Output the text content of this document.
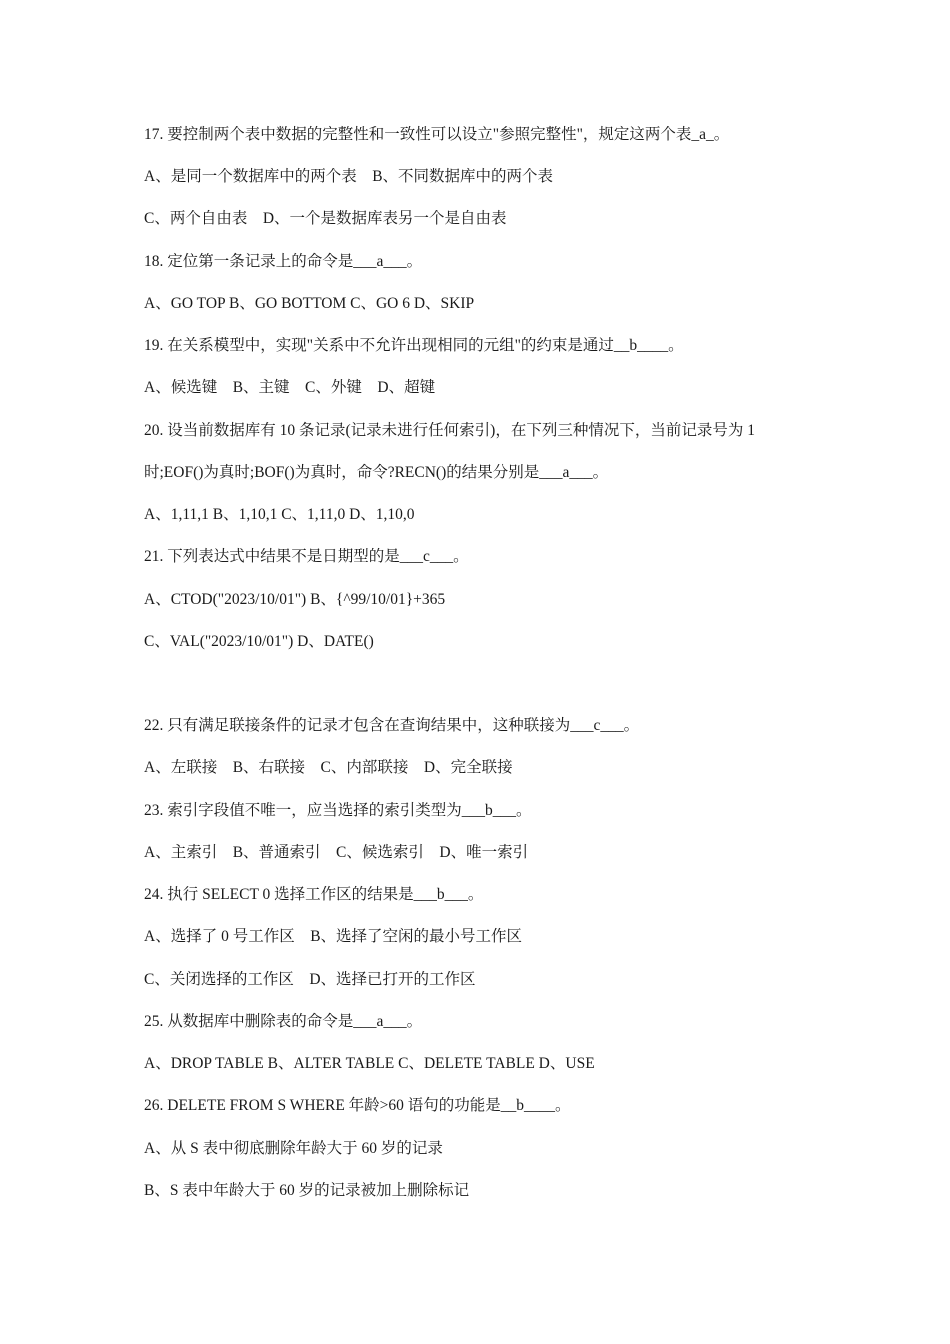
17. 要控制两个表中数据的完整性和一致性可以设立"参照完整性"，规定这两个表_a_。
A、是同一个数据库中的两个表　B、不同数据库中的两个表
C、两个自由表　D、一个是数据库表另一个是自由表
18. 定位第一条记录上的命令是___a___。
A、GO TOP B、GO BOTTOM C、GO 6 D、SKIP
19. 在关系模型中，实现"关系中不允许出现相同的元组"的约束是通过__b____。
A、候选键　B、主键　C、外键　D、超键
20. 设当前数据库有 10 条记录(记录未进行任何索引)，在下列三种情况下，当前记录号为 1
时;EOF()为真时;BOF()为真时，命令?RECN()的结果分别是___a___。
A、1,11,1 B、1,10,1 C、1,11,0 D、1,10,0
21. 下列表达式中结果不是日期型的是___c___。
A、CTOD("2023/10/01") B、{^99/10/01}+365
C、VAL("2023/10/01") D、DATE()
22. 只有满足联接条件的记录才包含在查询结果中，这种联接为___c___。
A、左联接　B、右联接　C、内部联接　D、完全联接
23. 索引字段值不唯一，应当选择的索引类型为___b___。
A、主索引　B、普通索引　C、候选索引　D、唯一索引
24. 执行 SELECT 0 选择工作区的结果是___b___。
A、选择了 0 号工作区　B、选择了空闲的最小号工作区
C、关闭选择的工作区　D、选择已打开的工作区
25. 从数据库中删除表的命令是___a___。
A、DROP TABLE B、ALTER TABLE C、DELETE TABLE D、USE
26. DELETE FROM S WHERE 年龄>60 语句的功能是__b____。
A、从 S 表中彻底删除年龄大于 60 岁的记录
B、S 表中年龄大于 60 岁的记录被加上删除标记
